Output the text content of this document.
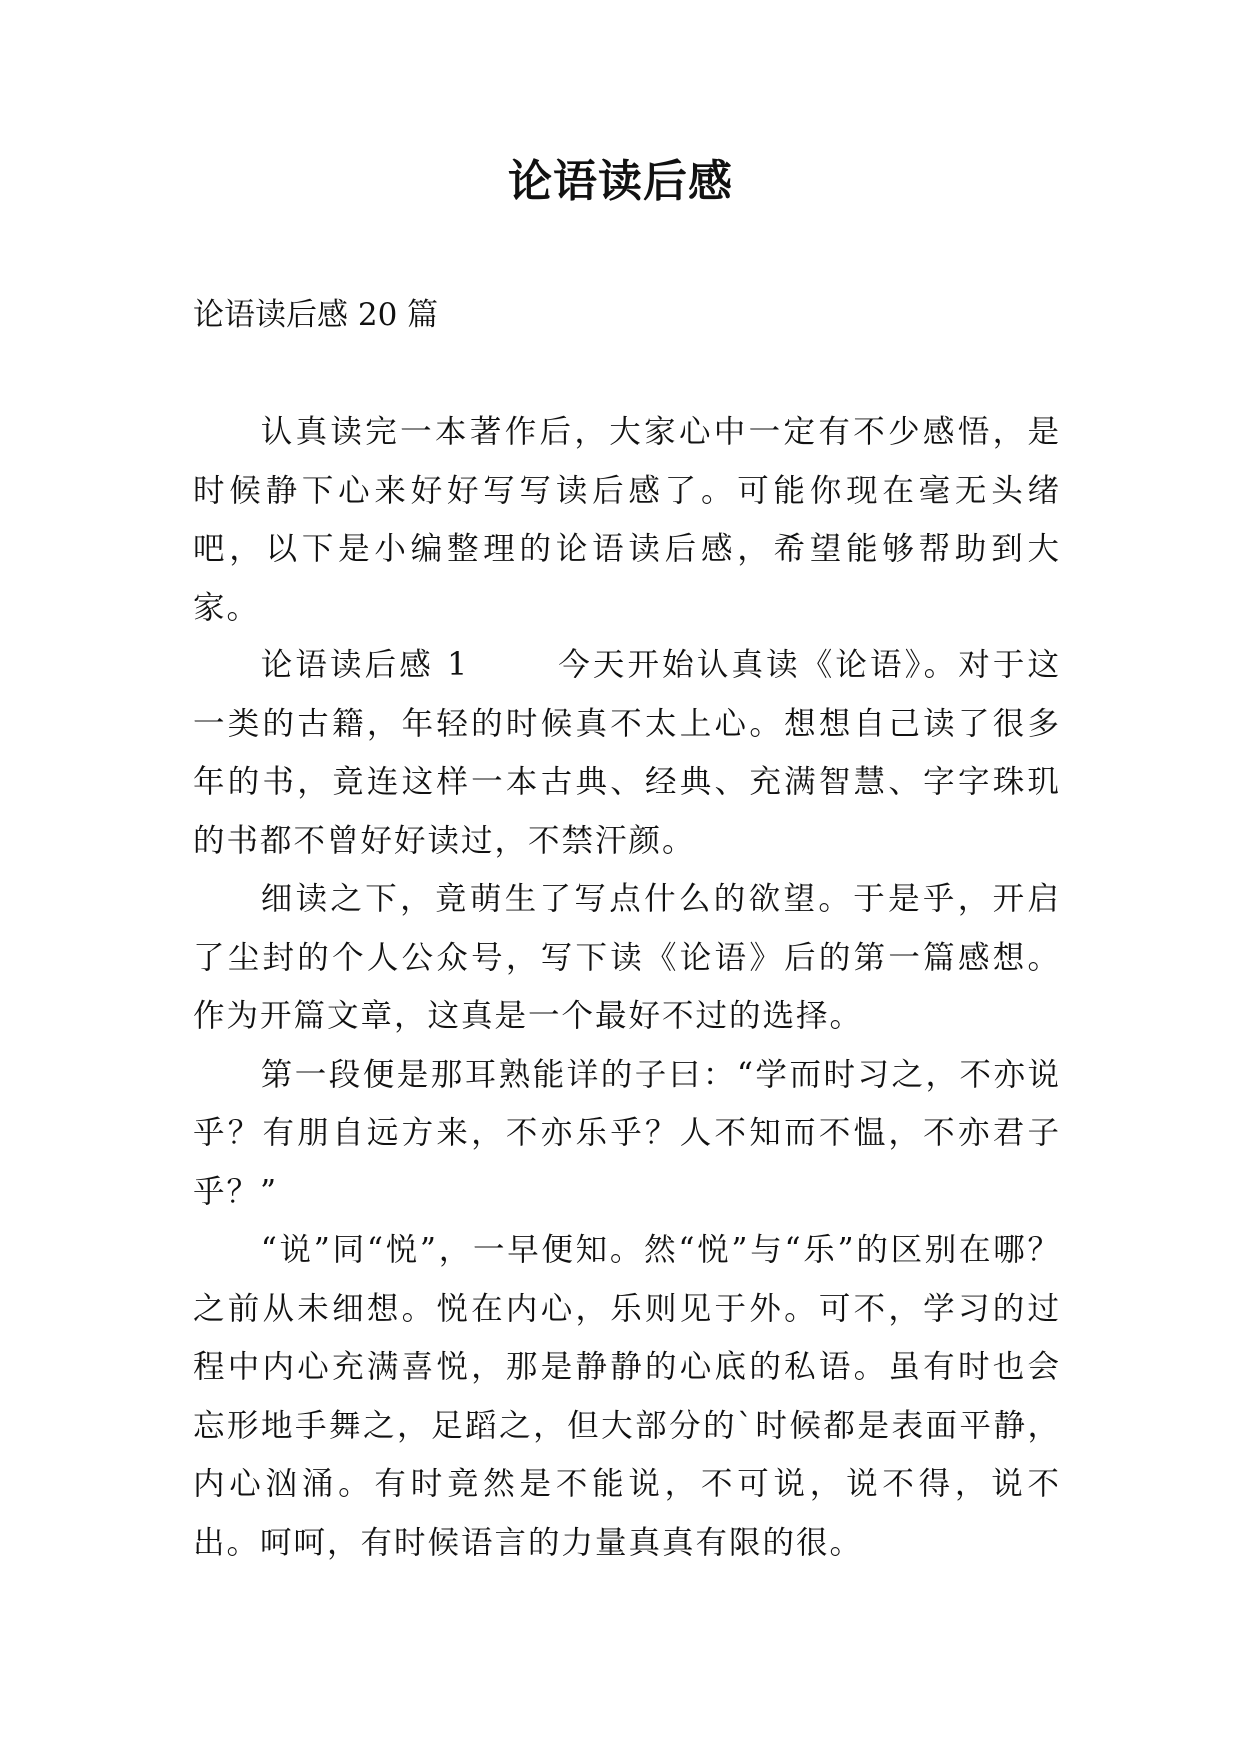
论语读后感
论语读后感 20 篇

认真读完一本著作后，大家心中一定有不少感悟，是时候静下心来好好写写读后感了。可能你现在毫无头绪吧，以下是小编整理的论语读后感，希望能够帮助到大家。

论语读后感 1	今天开始认真读《论语》。对于这一类的古籍，年轻的时候真不太上心。想想自己读了很多年的书，竟连这样一本古典、经典、充满智慧、字字珠玑的书都不曾好好读过，不禁汗颜。

细读之下，竟萌生了写点什么的欲望。于是乎，开启了尘封的个人公众号，写下读《论语》后的第一篇感想。作为开篇文章，这真是一个最好不过的选择。

第一段便是那耳熟能详的子曰：“学而时习之，不亦说乎？有朋自远方来，不亦乐乎？人不知而不愠，不亦君子乎？”

“说”同“悦”，一早便知。然“悦”与“乐”的区别在哪？之前从未细想。悦在内心，乐则见于外。可不，学习的过程中内心充满喜悦，那是静静的心底的私语。虽有时也会忘形地手舞之，足蹈之，但大部分的`时候都是表面平静，内心汹涌。有时竟然是不能说，不可说，说不得，说不出。呵呵，有时候语言的力量真真有限的很。
